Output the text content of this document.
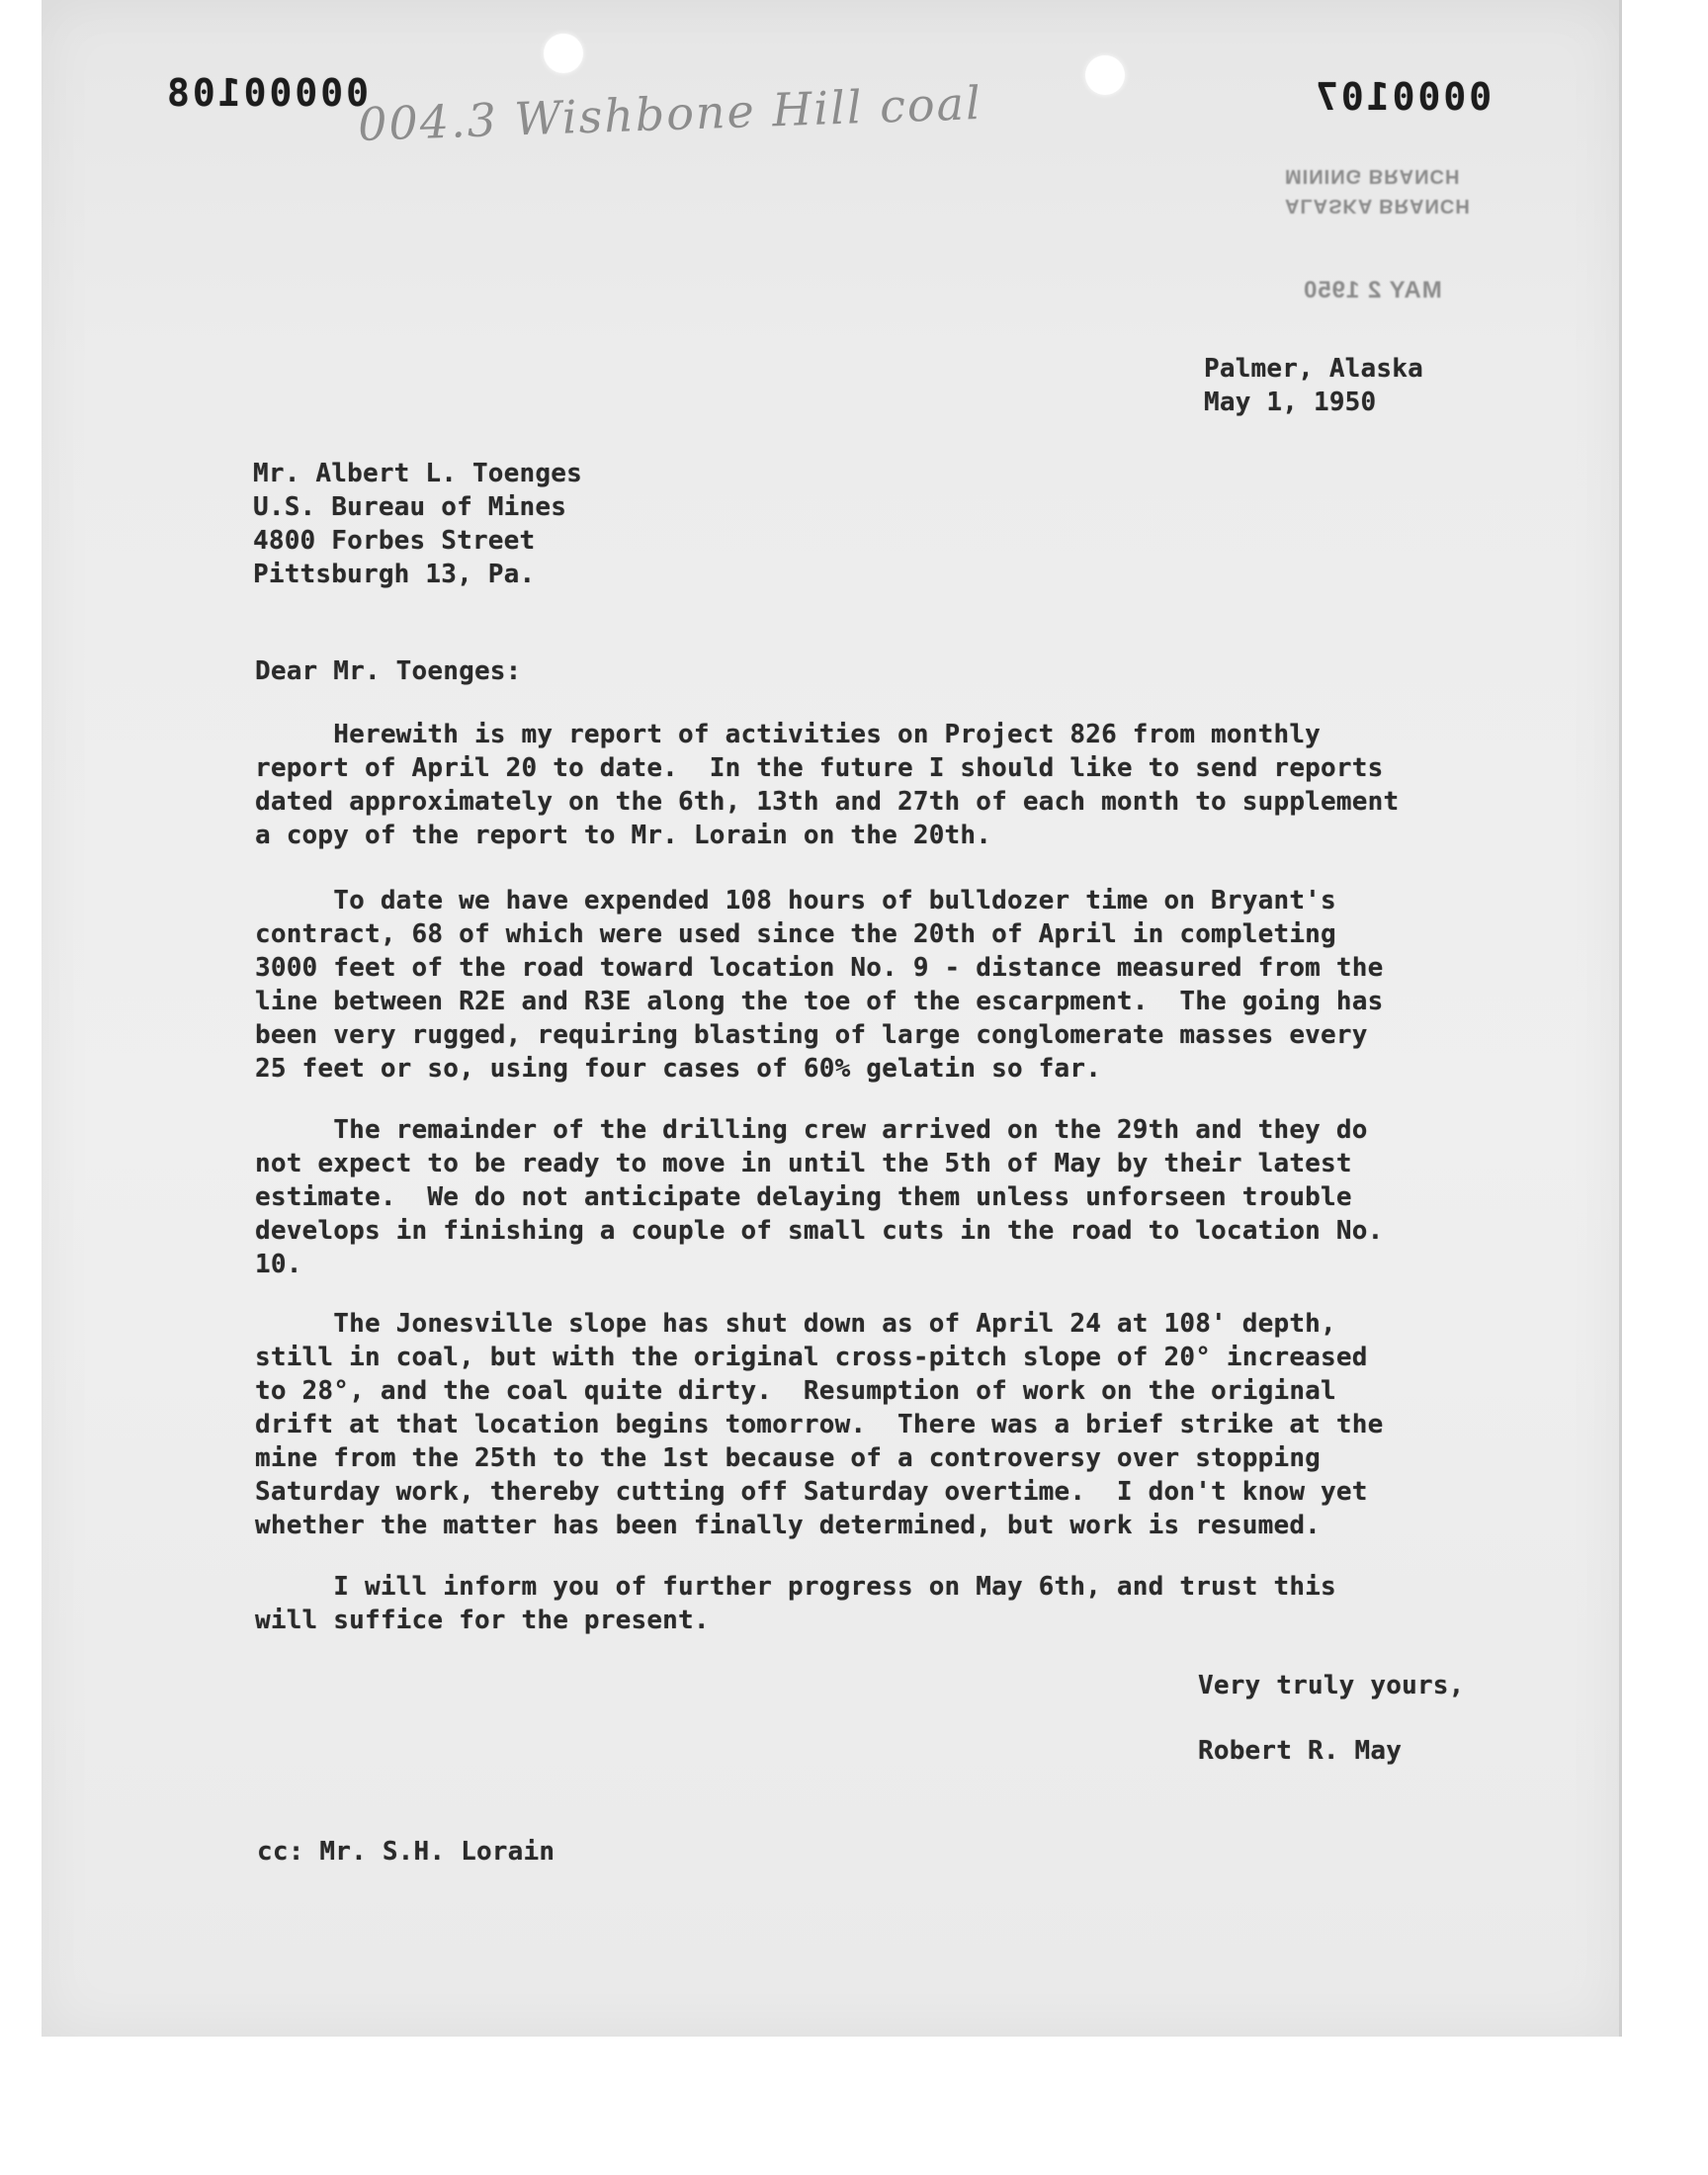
00000108
004.3 Wishbone Hill coal	0000107
MINING BRANCH
ALASKA BRANCH
MAY 2 1950
Palmer, Alaska
May 1, 1950
Mr. Albert L. Toenges
U.S. Bureau of Mines
4800 Forbes Street
Pittsburgh 13, Pa.
Dear Mr. Toenges:

Herewith is my report of activities on Project 826 from monthly

report of April 20 to date.  In the future I should like to send reports

dated approximately on the 6th, 13th and 27th of each month to supplement

a copy of the report to Mr. Lorain on the 20th.

To date we have expended 108 hours of bulldozer time on Bryant's

contract, 68 of which were used since the 20th of April in completing

3000 feet of the road toward location No. 9 - distance measured from the

line between R2E and R3E along the toe of the escarpment.  The going has

been very rugged, requiring blasting of large conglomerate masses every

25 feet or so, using four cases of 60% gelatin so far.

The remainder of the drilling crew arrived on the 29th and they do

not expect to be ready to move in until the 5th of May by their latest

estimate.  We do not anticipate delaying them unless unforseen trouble

develops in finishing a couple of small cuts in the road to location No.

10.

The Jonesville slope has shut down as of April 24 at 108' depth,

still in coal, but with the original cross-pitch slope of 20° increased

to 28°, and the coal quite dirty.  Resumption of work on the original

drift at that location begins tomorrow.  There was a brief strike at the

mine from the 25th to the 1st because of a controversy over stopping

Saturday work, thereby cutting off Saturday overtime.  I don't know yet

whether the matter has been finally determined, but work is resumed.

I will inform you of further progress on May 6th, and trust this

will suffice for the present.

Very truly yours,
Robert R. May
cc: Mr. S.H. Lorain
